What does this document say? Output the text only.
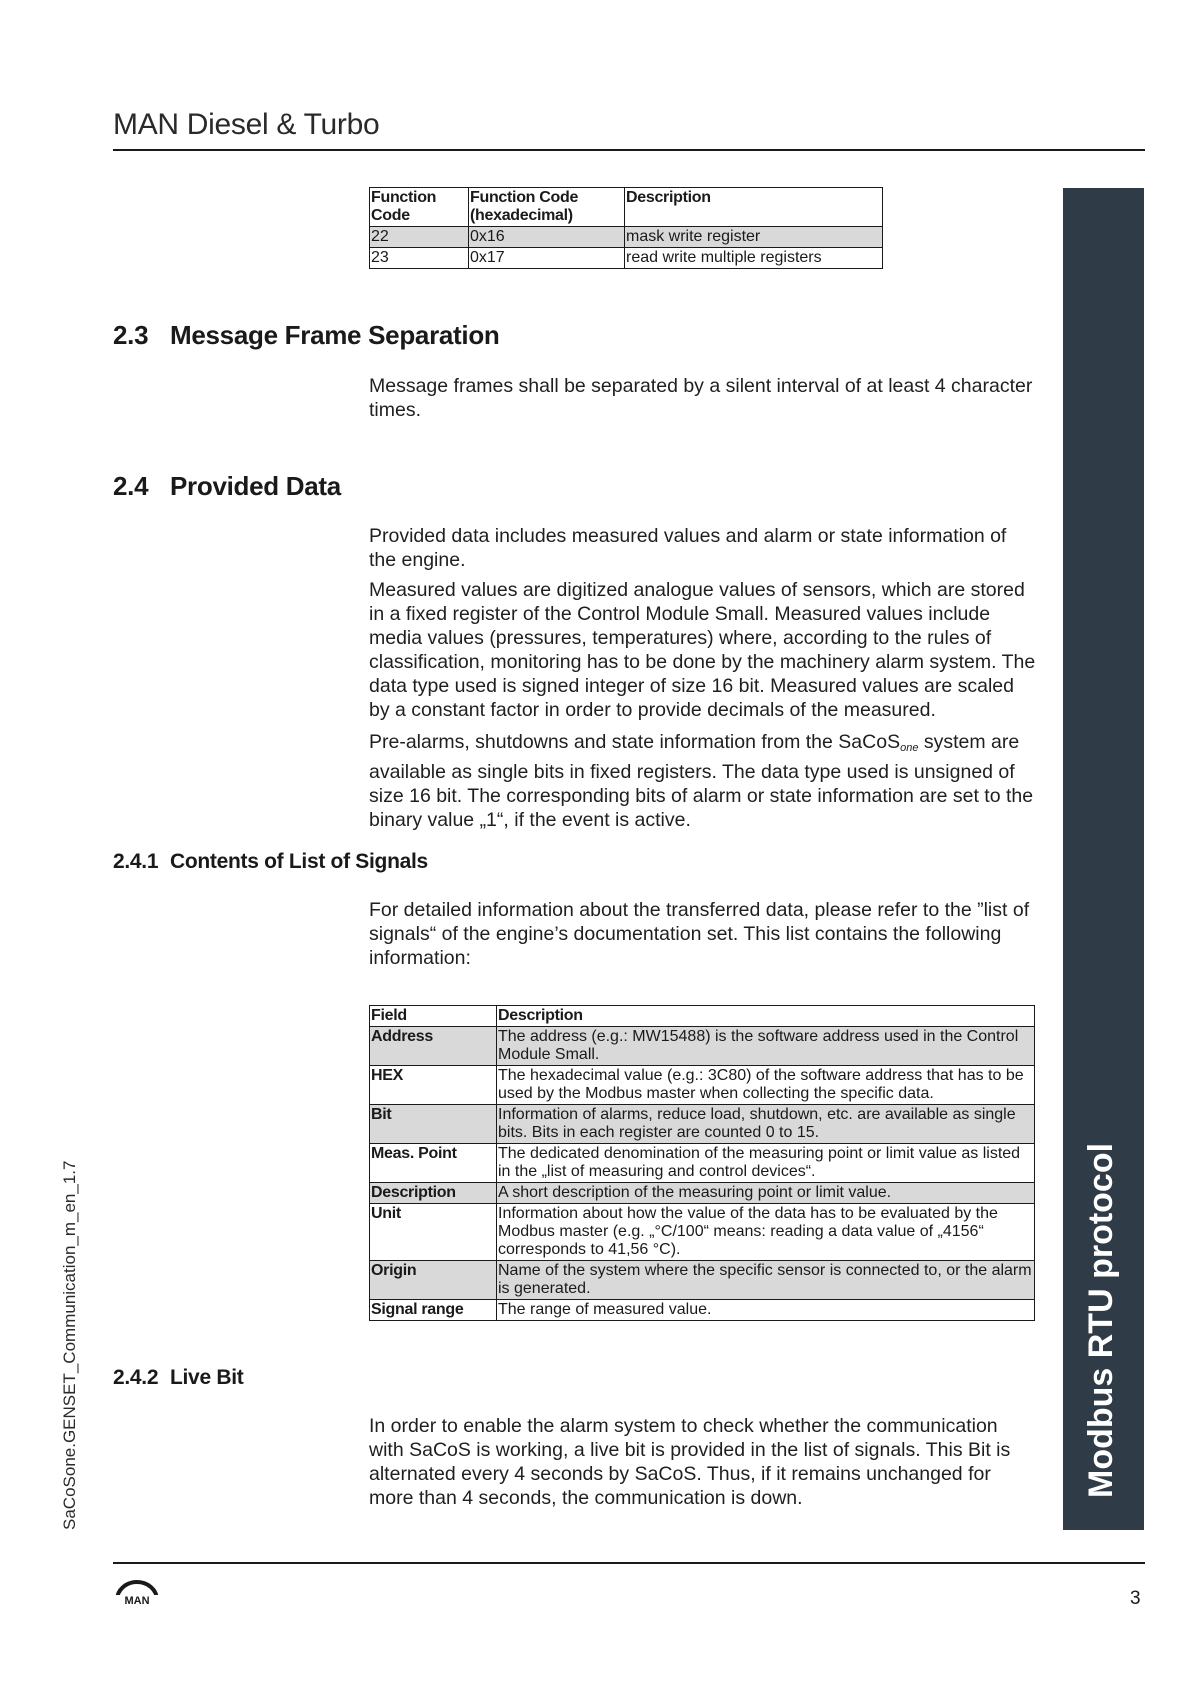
MAN Diesel & Turbo
Modbus RTU protocol
SaCoSone.GENSET_Communication_m_en_1.7
Function Code	Function Code (hexadecimal)	Description
22	0x16	mask write register
23	0x17	read write multiple registers
2.3 Message Frame Separation

Message frames shall be separated by a silent interval of at least 4 character times.

2.4 Provided Data

Provided data includes measured values and alarm or state information of the engine.

Measured values are digitized analogue values of sensors, which are stored in a fixed register of the Control Module Small. Measured values include media values (pressures, temperatures) where, according to the rules of classification, monitoring has to be done by the machinery alarm system. The data type used is signed integer of size 16 bit. Measured values are scaled by a constant factor in order to provide decimals of the measured.

Pre-alarms, shutdowns and state information from the SaCoS$_{one}$ system are available as single bits in fixed registers. The data type used is unsigned of size 16 bit. The corresponding bits of alarm or state information are set to the binary value „1“, if the event is active.

2.4.1 Contents of List of Signals

For detailed information about the transferred data, please refer to the ”list of signals“ of the engine’s documentation set. This list contains the following information:

Field	Description
Address	The address (e.g.: MW15488) is the software address used in the Control Module Small.
HEX	The hexadecimal value (e.g.: 3C80) of the software address that has to be used by the Modbus master when collecting the specific data.
Bit	Information of alarms, reduce load, shutdown, etc. are available as single bits. Bits in each register are counted 0 to 15.
Meas. Point	The dedicated denomination of the measuring point or limit value as listed in the „list of measuring and control devices“.
Description	A short description of the measuring point or limit value.
Unit	Information about how the value of the data has to be evaluated by the Modbus master (e.g. „°C/100“ means: reading a data value of „4156“ corresponds to 41,56 °C).
Origin	Name of the system where the specific sensor is connected to, or the alarm is generated.
Signal range	The range of measured value.
2.4.2 Live Bit

In order to enable the alarm system to check whether the communication with SaCoS is working, a live bit is provided in the list of signals. This Bit is alternated every 4 seconds by SaCoS. Thus, if it remains unchanged for more than 4 seconds, the communication is down.

MAN	3
